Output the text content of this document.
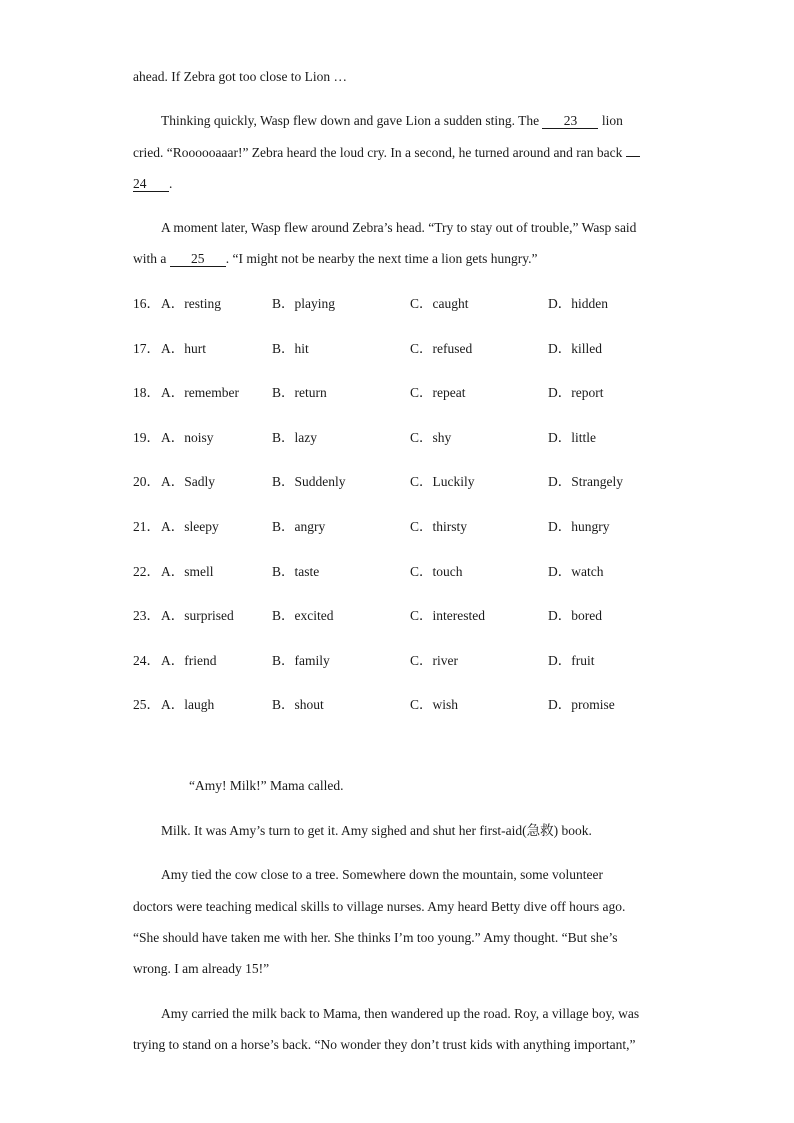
ahead. If Zebra got too close to Lion …
Thinking quickly, Wasp flew down and gave Lion a sudden sting. The 23 lion
cried. “Roooooaaar!” Zebra heard the loud cry. In a second, he turned around and ran back
24 .
A moment later, Wasp flew around Zebra’s head. “Try to stay out of trouble,” Wasp said
with a 25 . “I might not be nearby the next time a lion gets hungry.”
16． A．resting	B．playing	C．caught	D．hidden
17． A．hurt	B．hit	C．refused	D．killed
18． A．remember B．return	C．repeat	D．report
19． A．noisy	B．lazy	C．shy	D．little
20． A．Sadly	B．Suddenly	C．Luckily	D．Strangely
21． A．sleepy	B．angry	C．thirsty	D．hungry
22． A．smell	B．taste	C．touch	D．watch
23． A．surprised	B．excited	C．interested	D．bored
24． A．friend	B．family	C．river	D．fruit
25． A．laugh	B．shout	C．wish	D．promise
“Amy! Milk!” Mama called.
Milk. It was Amy’s turn to get it. Amy sighed and shut her first-aid(急救) book.
Amy tied the cow close to a tree. Somewhere down the mountain, some volunteer
doctors were teaching medical skills to village nurses. Amy heard Betty dive off hours ago.
“She should have taken me with her. She thinks I’m too young.” Amy thought. “But she’s
wrong. I am already 15!”
Amy carried the milk back to Mama, then wandered up the road. Roy, a village boy, was
trying to stand on a horse’s back. “No wonder they don’t trust kids with anything important,”
